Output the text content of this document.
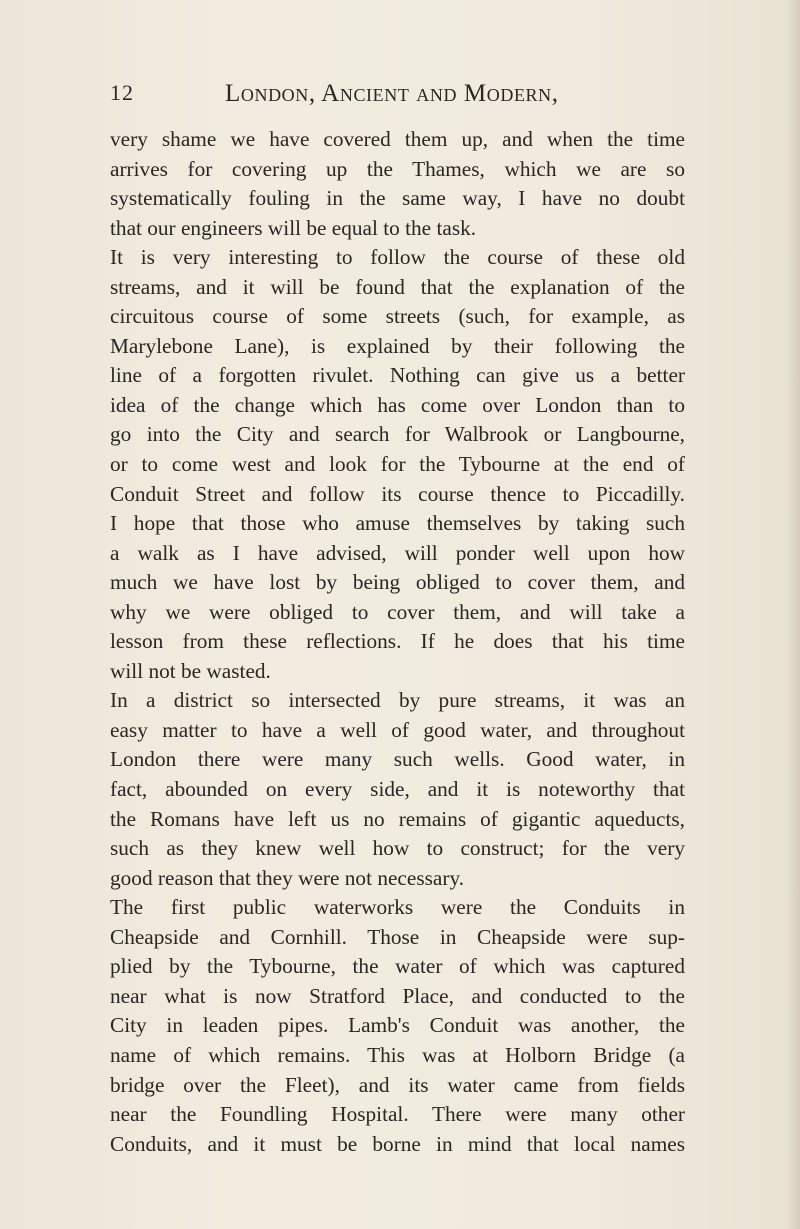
12	London, Ancient and Modern,
very shame we have covered them up, and when the time
arrives for covering up the Thames, which we are so
systematically fouling in the same way, I have no doubt
that our engineers will be equal to the task.
It is very interesting to follow the course of these old
streams, and it will be found that the explanation of the
circuitous course of some streets (such, for example, as
Marylebone Lane), is explained by their following the
line of a forgotten rivulet. Nothing can give us a better
idea of the change which has come over London than to
go into the City and search for Walbrook or Langbourne,
or to come west and look for the Tybourne at the end of
Conduit Street and follow its course thence to Piccadilly.
I hope that those who amuse themselves by taking such
a walk as I have advised, will ponder well upon how
much we have lost by being obliged to cover them, and
why we were obliged to cover them, and will take a
lesson from these reflections. If he does that his time
will not be wasted.
In a district so intersected by pure streams, it was an
easy matter to have a well of good water, and throughout
London there were many such wells. Good water, in
fact, abounded on every side, and it is noteworthy that
the Romans have left us no remains of gigantic aqueducts,
such as they knew well how to construct; for the very
good reason that they were not necessary.
The first public waterworks were the Conduits in
Cheapside and Cornhill. Those in Cheapside were sup-
plied by the Tybourne, the water of which was captured
near what is now Stratford Place, and conducted to the
City in leaden pipes. Lamb's Conduit was another, the
name of which remains. This was at Holborn Bridge (a
bridge over the Fleet), and its water came from fields
near the Foundling Hospital. There were many other
Conduits, and it must be borne in mind that local names
